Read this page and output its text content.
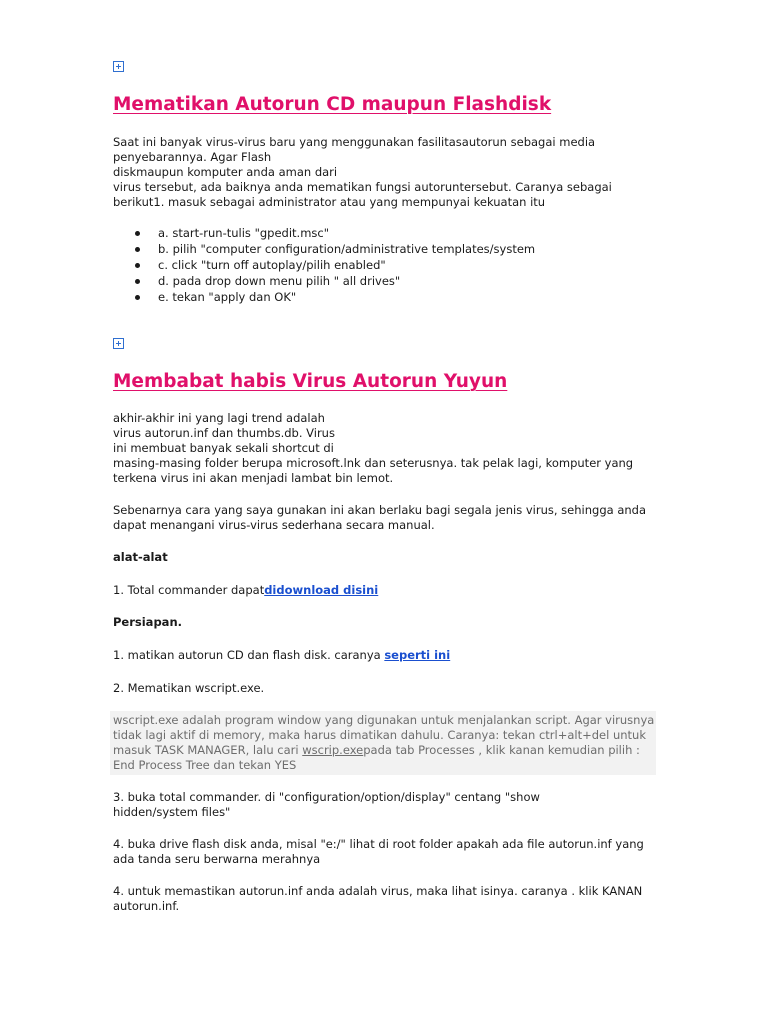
Mematikan Autorun CD maupun Flashdisk
Saat ini banyak virus-virus baru yang menggunakan fasilitasautorun sebagai media
penyebarannya. Agar Flash
diskmaupun komputer anda aman dari
virus tersebut, ada baiknya anda mematikan fungsi autoruntersebut. Caranya sebagai
berikut1. masuk sebagai administrator atau yang mempunyai kekuatan itu
a. start-run-tulis "gpedit.msc"
b. pilih "computer configuration/administrative templates/system
c. click "turn off autoplay/pilih enabled"
d. pada drop down menu pilih " all drives"
e. tekan "apply dan OK"
Membabat habis Virus Autorun Yuyun
akhir-akhir ini yang lagi trend adalah
virus autorun.inf dan thumbs.db. Virus
ini membuat banyak sekali shortcut di
masing-masing folder berupa microsoft.lnk dan seterusnya. tak pelak lagi, komputer yang
terkena virus ini akan menjadi lambat bin lemot.
Sebenarnya cara yang saya gunakan ini akan berlaku bagi segala jenis virus, sehingga anda
dapat menangani virus-virus sederhana secara manual.
alat-alat
1. Total commander dapatdidownload disini
Persiapan.
1. matikan autorun CD dan flash disk. caranya seperti ini
2. Mematikan wscript.exe.
wscript.exe adalah program window yang digunakan untuk menjalankan script. Agar virusnya
tidak lagi aktif di memory, maka harus dimatikan dahulu. Caranya: tekan ctrl+alt+del untuk
masuk TASK MANAGER, lalu cari wscrip.exepada tab Processes , klik kanan kemudian pilih :
End Process Tree dan tekan YES
3. buka total commander. di "configuration/option/display" centang "show
hidden/system files"
4. buka drive flash disk anda, misal "e:/" lihat di root folder apakah ada file autorun.inf yang
ada tanda seru berwarna merahnya
4. untuk memastikan autorun.inf anda adalah virus, maka lihat isinya. caranya . klik KANAN
autorun.inf.
